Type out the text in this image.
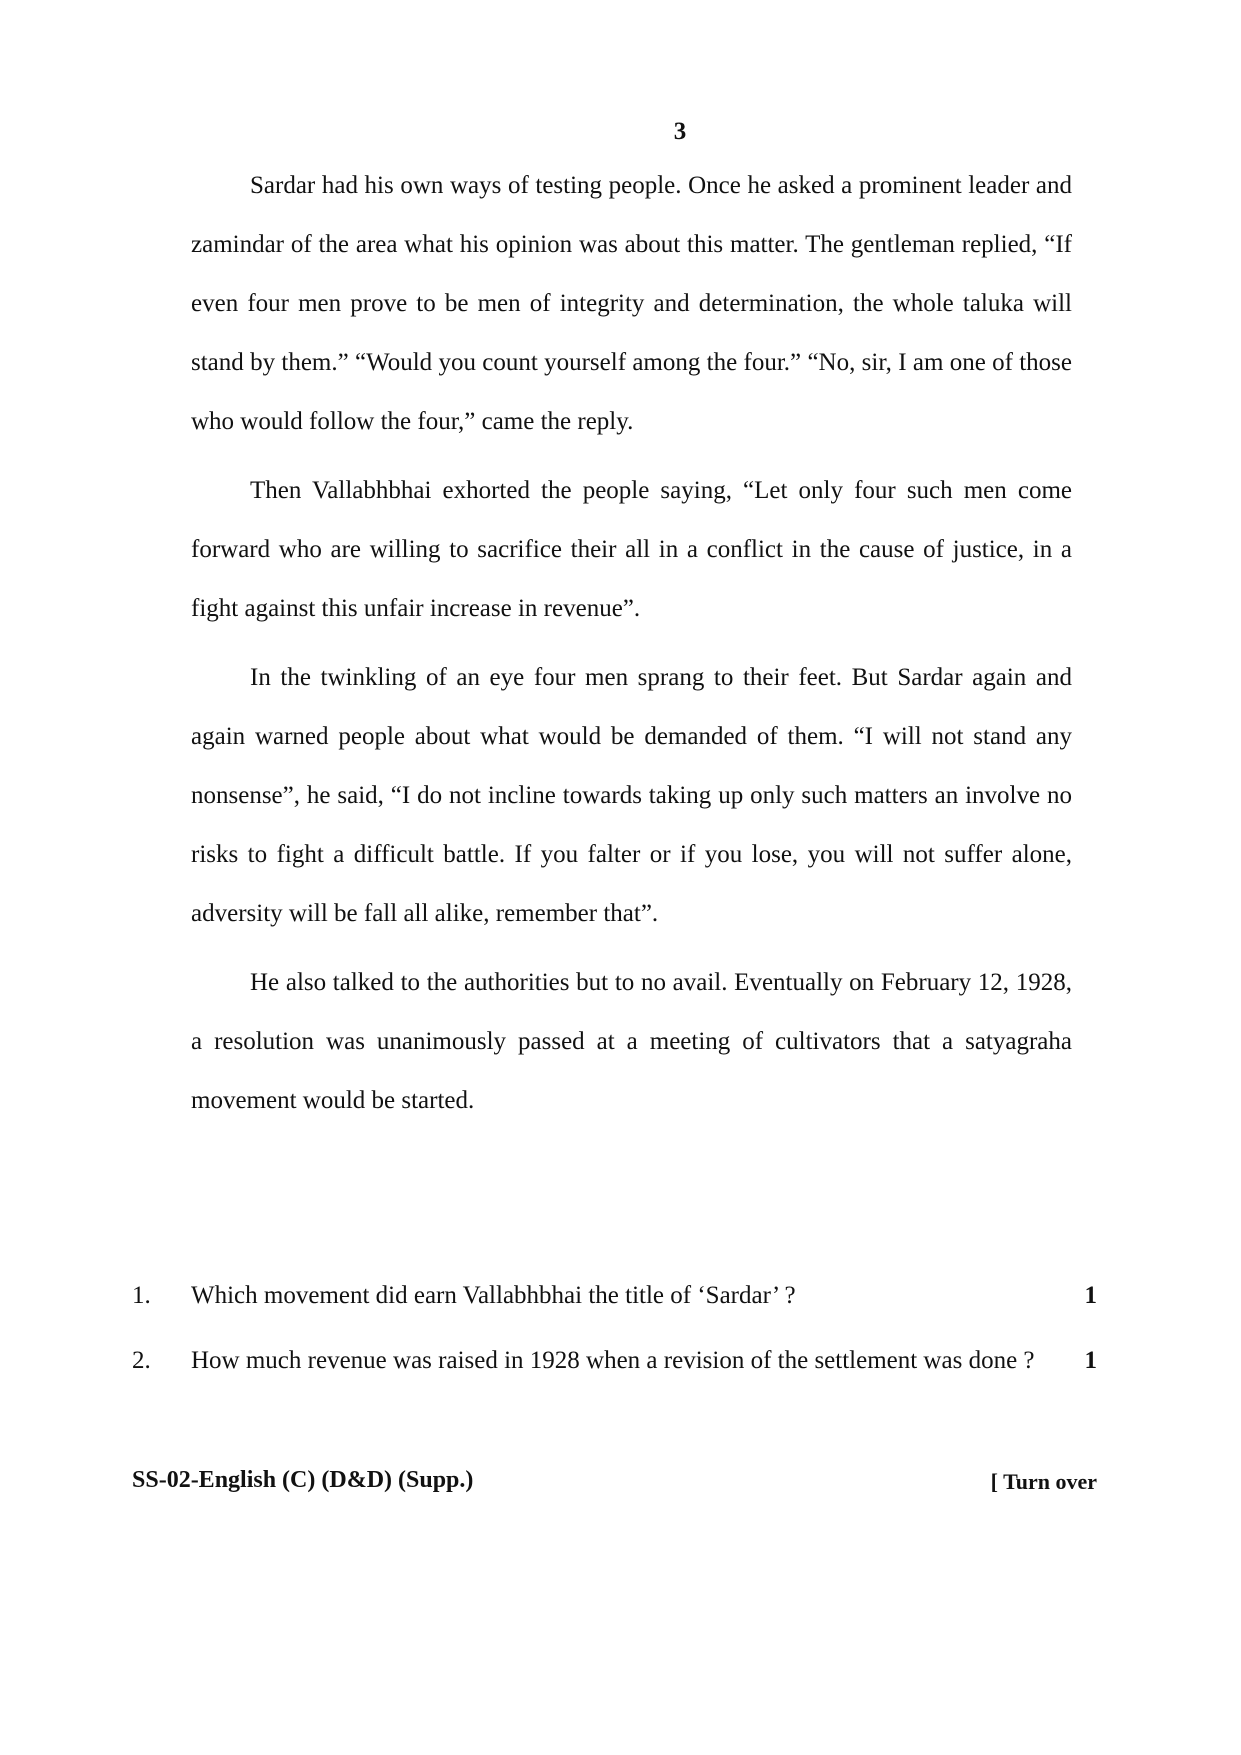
3

Sardar had his own ways of testing people. Once he asked a prominent leader and zamindar of the area what his opinion was about this matter. The gentleman replied, “If even four men prove to be men of integrity and determination, the whole taluka will stand by them.” “Would you count yourself among the four.” “No, sir, I am one of those who would follow the four,” came the reply.

Then Vallabhbhai exhorted the people saying, “Let only four such men come forward who are willing to sacrifice their all in a conflict in the cause of justice, in a fight against this unfair increase in revenue”.

In the twinkling of an eye four men sprang to their feet. But Sardar again and again warned people about what would be demanded of them. “I will not stand any nonsense”, he said, “I do not incline towards taking up only such matters an involve no risks to fight a difficult battle. If you falter or if you lose, you will not suffer alone, adversity will be fall all alike, remember that”.

He also talked to the authorities but to no avail. Eventually on February 12, 1928, a resolution was unanimously passed at a meeting of cultivators that a satyagraha movement would be started.

1.	Which movement did earn Vallabhbhai the title of ‘Sardar’ ?	1
2.	How much revenue was raised in 1928 when a revision of the settlement was done ?	1
SS-02-English (C) (D&D) (Supp.)	[ Turn over
